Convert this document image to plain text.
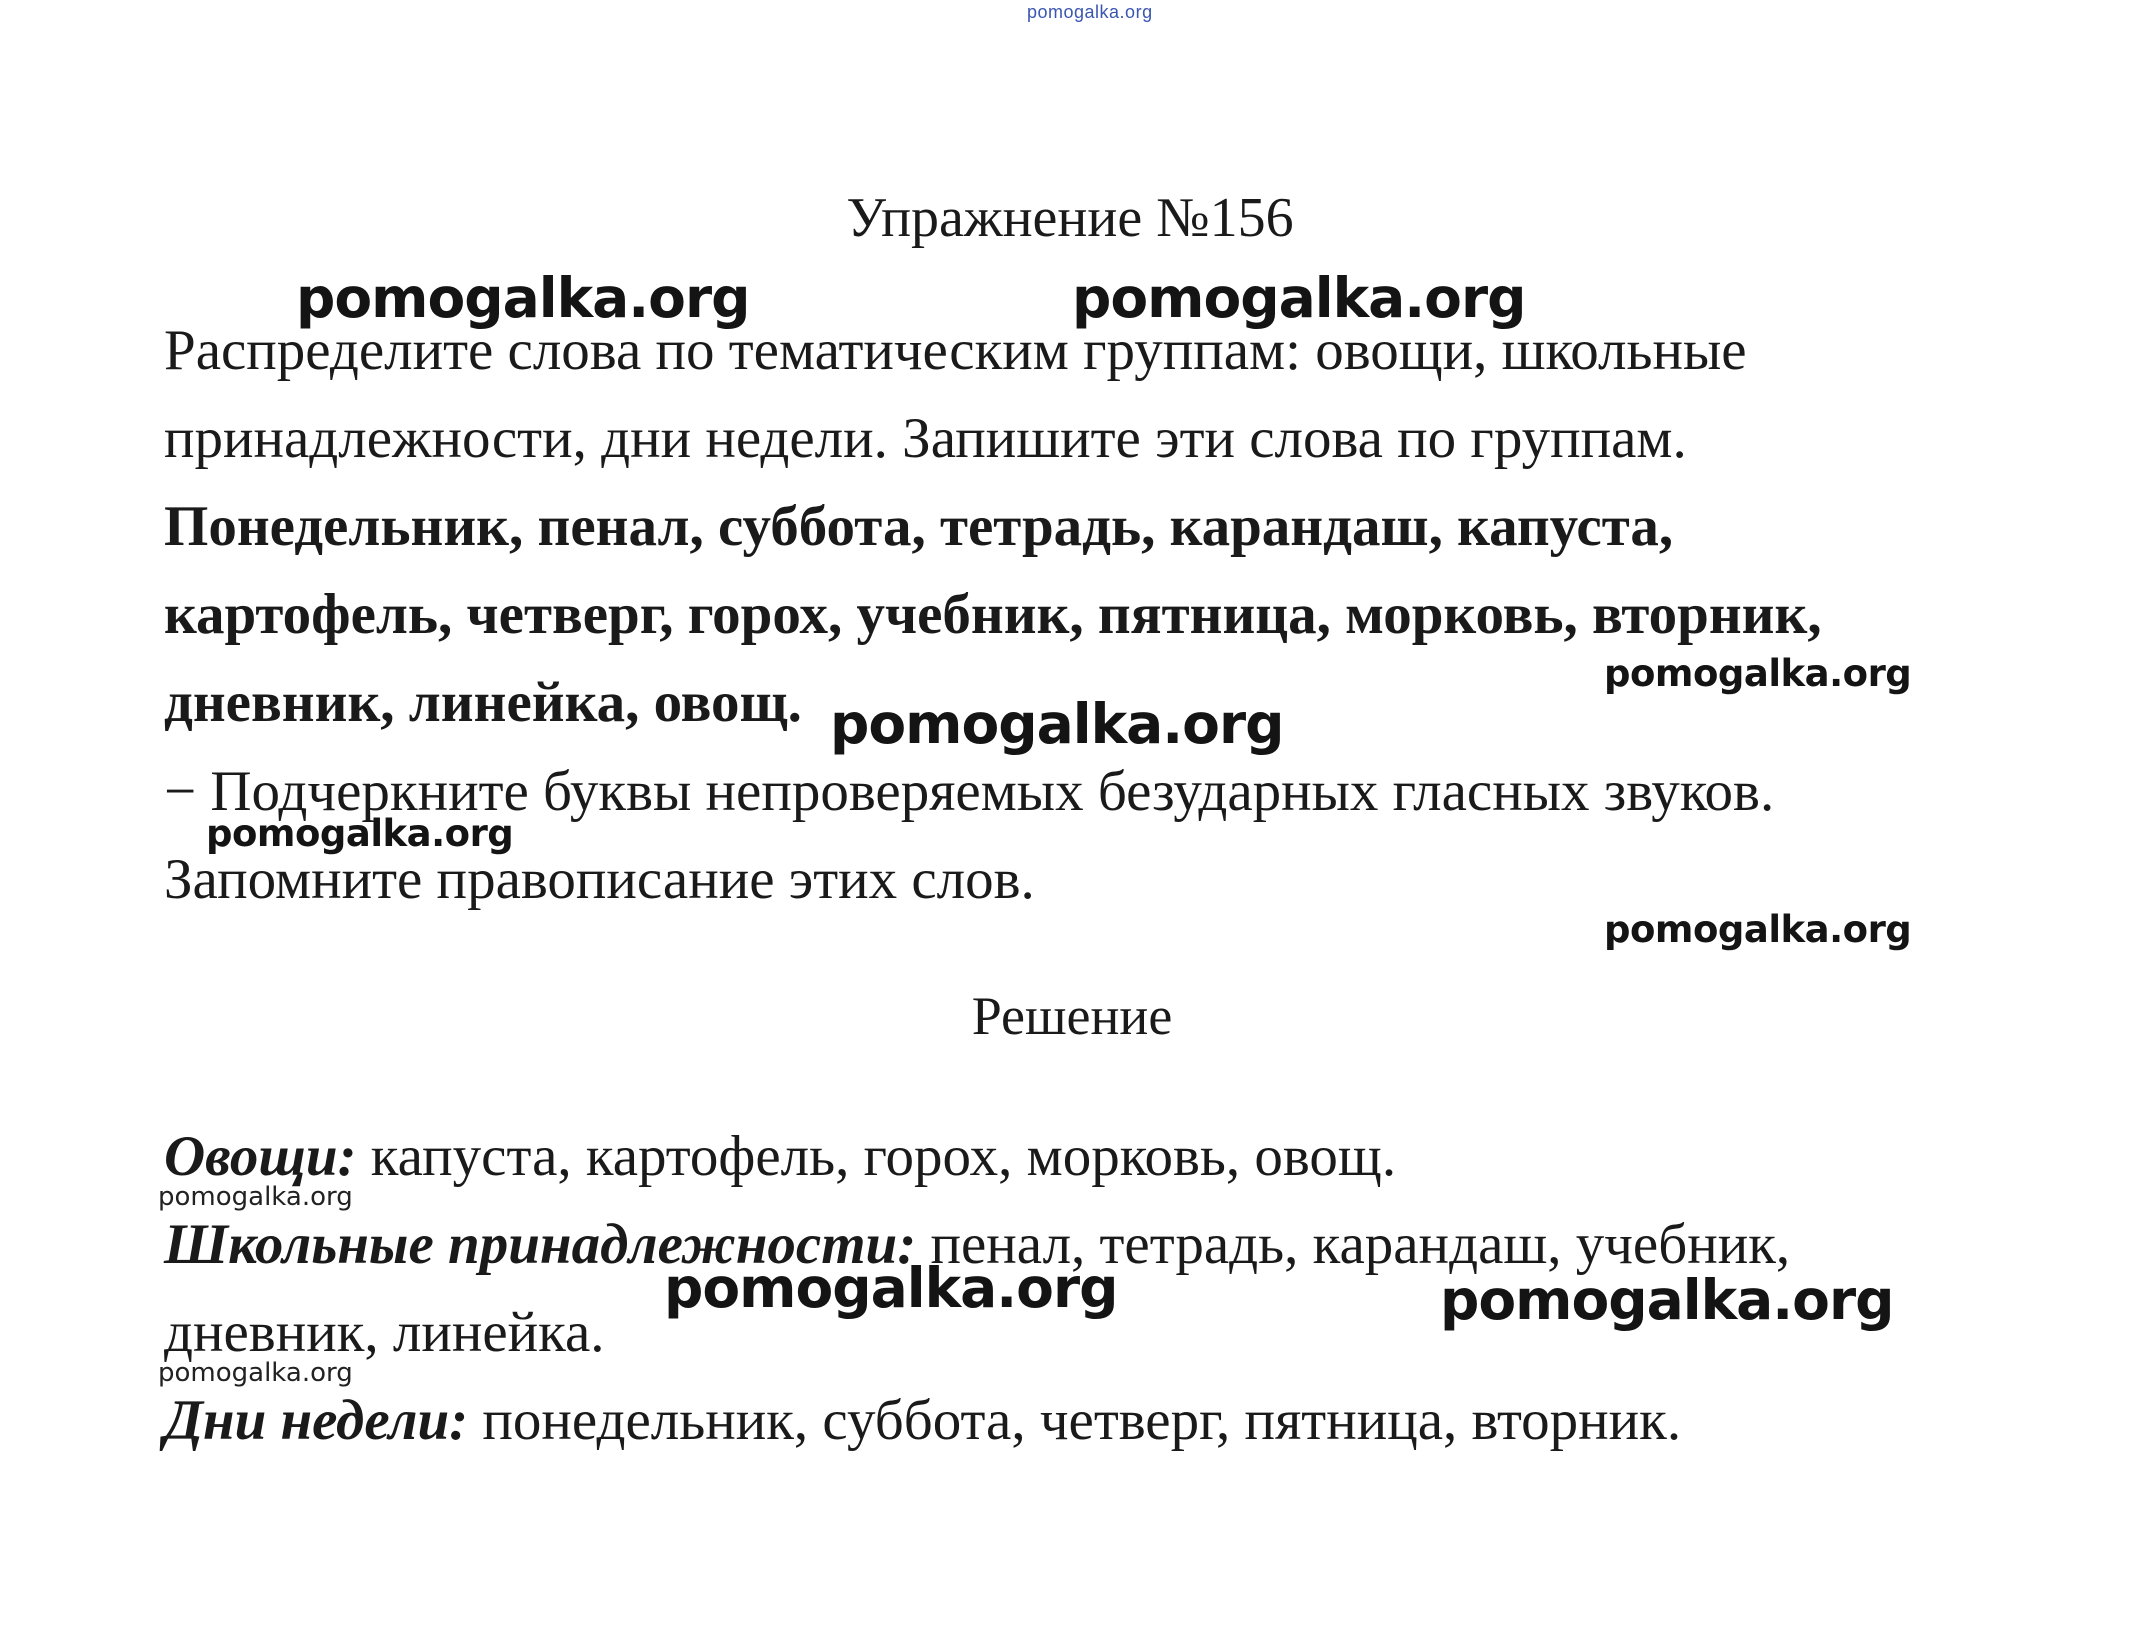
pomogalka.org
Упражнение №156
Распределите слова по тематическим группам: овощи, школьные
принадлежности, дни недели. Запишите эти слова по группам.
Понедельник, пенал, суббота, тетрадь, карандаш, капуста,
картофель, четверг, горох, учебник, пятница, морковь, вторник,
дневник, линейка, овощ.
− Подчеркните буквы непроверяемых безударных гласных звуков.
Запомните правописание этих слов.
Решение
Овощи: капуста, картофель, горох, морковь, овощ.
Школьные принадлежности: пенал, тетрадь, карандаш, учебник,
дневник, линейка.
Дни недели: понедельник, суббота, четверг, пятница, вторник.
pomogalka.org	pomogalka.org
pomogalka.org
pomogalka.org
pomogalka.org
pomogalka.org
pomogalka.org
pomogalka.org	pomogalka.org
pomogalka.org
